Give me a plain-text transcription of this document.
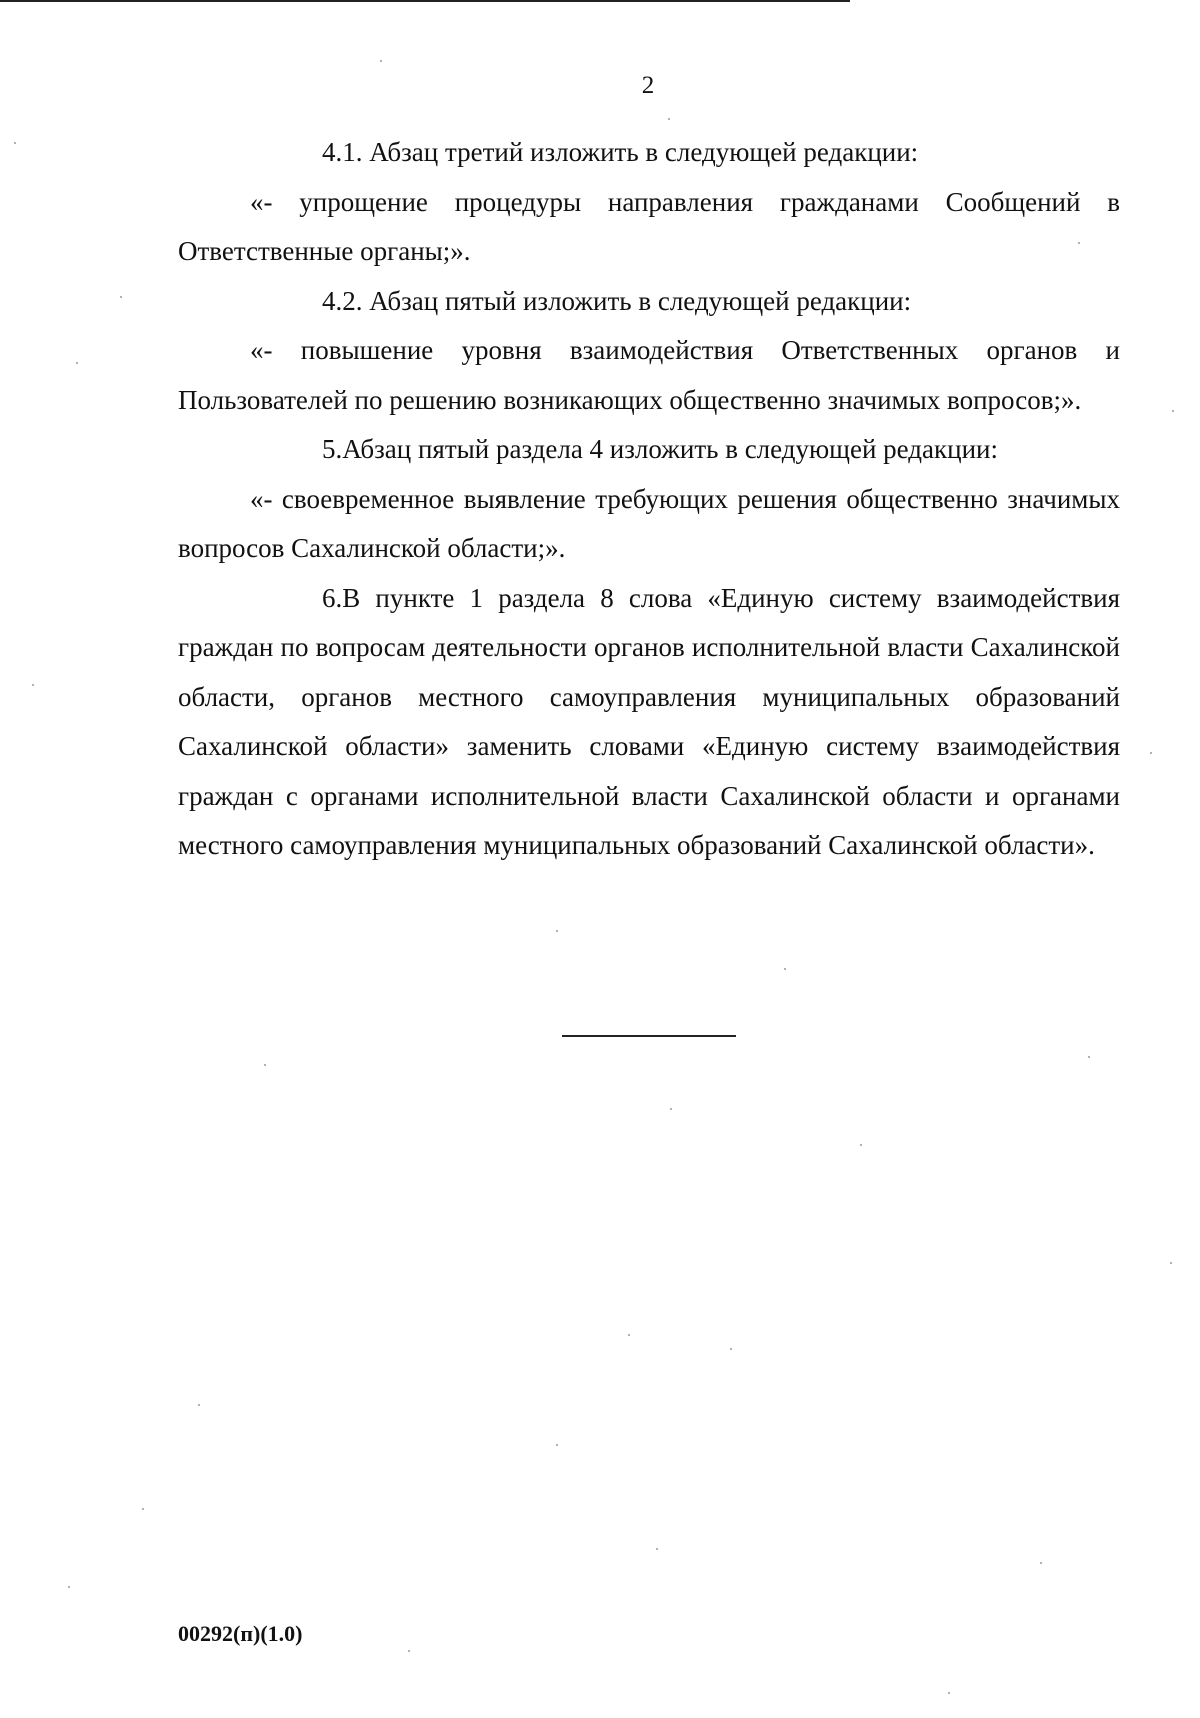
2

4.1. Абзац третий изложить в следующей редакции:

«- упрощение процедуры направления гражданами Сообщений в Ответственные органы;».

4.2. Абзац пятый изложить в следующей редакции:

«- повышение уровня взаимодействия Ответственных органов и Пользователей по решению возникающих общественно значимых вопросов;».

5.Абзац пятый раздела 4 изложить в следующей редакции:

«- своевременное выявление требующих решения общественно значимых вопросов Сахалинской области;».

6.В пункте 1 раздела 8 слова «Единую систему взаимодействия граждан по вопросам деятельности органов исполнительной власти Сахалинской области, органов местного самоуправления муниципальных образований Сахалинской области» заменить словами «Единую систему взаимодействия граждан с органами исполнительной власти Сахалинской области и органами местного самоуправления муниципальных образований Сахалинской области».

00292(п)(1.0)
